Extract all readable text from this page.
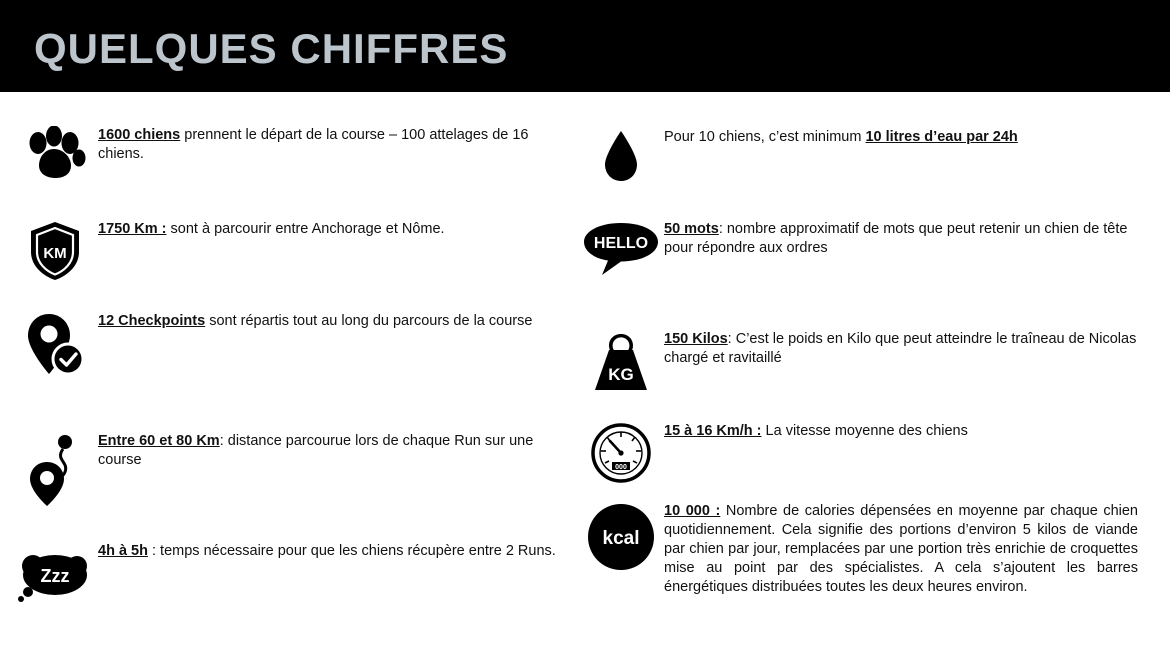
QUELQUES CHIFFRES
1600 chiens prennent le départ de la course – 100 attelages de 16 chiens.
KM
1750 Km : sont à parcourir entre Anchorage et Nôme.
12 Checkpoints sont répartis tout au long du parcours de la course
Entre 60 et 80 Km: distance parcourue lors de chaque Run sur une course
Zzz
4h à 5h : temps nécessaire pour que les chiens récupère entre 2 Runs.
Pour 10 chiens, c’est minimum 10 litres d’eau par 24h
HELLO
50 mots: nombre approximatif de mots que peut retenir un chien de tête pour répondre aux ordres
KG
150 Kilos: C’est le poids en Kilo que peut atteindre le traîneau de Nicolas chargé et ravitaillé
000
15 à 16 Km/h : La vitesse moyenne des chiens
kcal
10 000 : Nombre de calories dépensées en moyenne par chaque chien quotidiennement. Cela signifie des portions d’environ 5 kilos de viande par chien par jour, remplacées par une portion très enrichie de croquettes mise au point par des spécialistes. A cela s’ajoutent les barres énergétiques distribuées toutes les deux heures environ.
